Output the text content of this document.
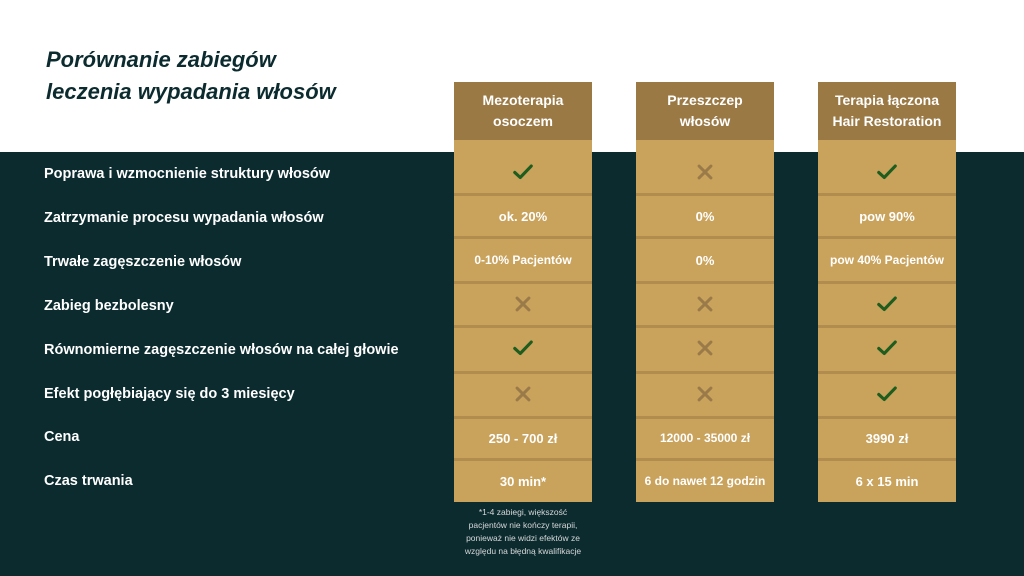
Porównanie zabiegów
leczenia wypadania włosów
Poprawa i wzmocnienie struktury włosów
Zatrzymanie procesu wypadania włosów
Trwałe zagęszczenie włosów
Zabieg bezbolesny
Równomierne zagęszczenie włosów na całej głowie
Efekt pogłębiający się do 3 miesięcy
Cena
Czas trwania
Mezoterapia
osoczem
ok. 20%
0-10% Pacjentów
250 - 700 zł
30 min*
Przeszczep
włosów
0%
0%
12000 - 35000 zł
6 do nawet 12 godzin
Terapia łączona
Hair Restoration
pow 90%
pow 40% Pacjentów
3990 zł
6 x 15 min
*1-4 zabiegi, większość
pacjentów nie kończy terapii,
ponieważ nie widzi efektów ze
względu na błędną kwalifikacje
